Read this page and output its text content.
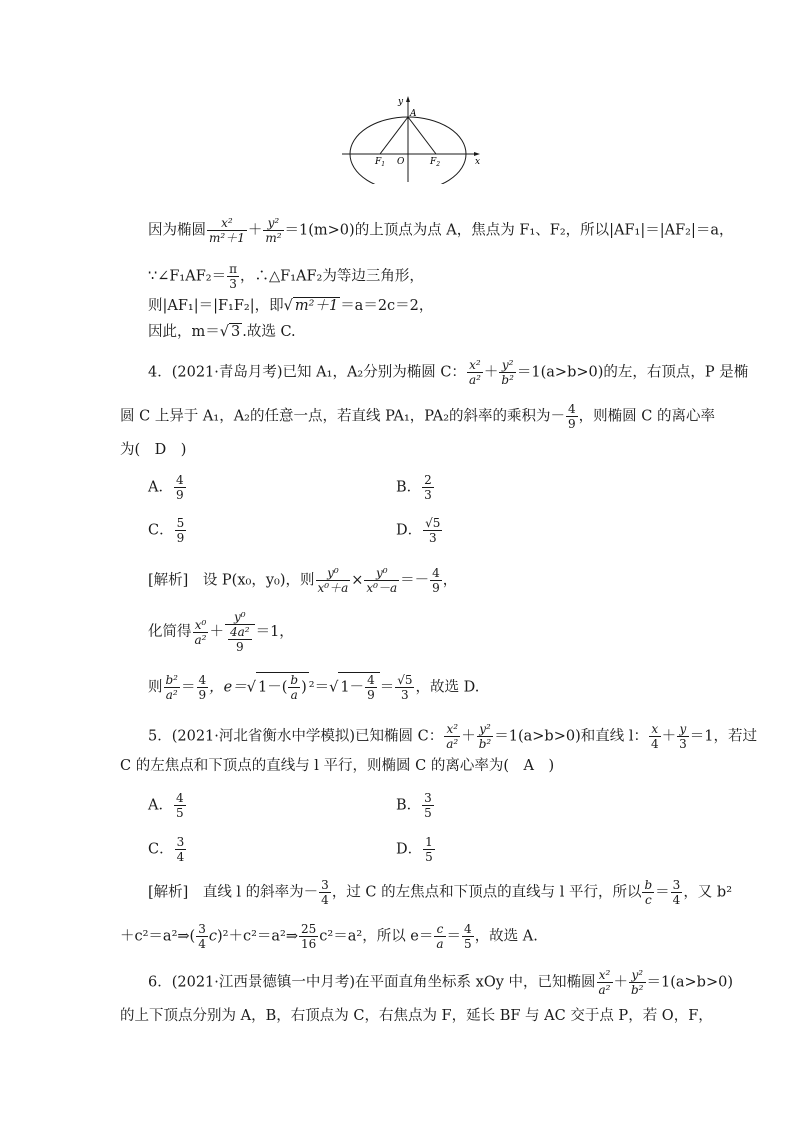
y
A
O	x
$F_1$	$F_2$
因为椭圆 $\frac{\text{x²}}{\text{m²＋1}} + \frac{\text{y²}}{\text{m²}} =1(m>0)$的上顶点为点 A，焦点为 F₁、F₂，所以|AF₁|＝|AF₂|＝a，
∵∠F₁AF₂＝ $\frac{\pi}{3}$ ，∴△F₁AF₂为等边三角形，
则|AF₁|＝|F₁F₂|，即√ m²＋1 ＝a＝2c＝2，
因此，m＝√ 3 .故选 C.
4．(2021·青岛月考)已知 A₁，A₂分别为椭圆 C： $\frac{\text{x²}}{\text{a²}} + \frac{\text{y²}}{\text{b²}} =1(a>b>0)$的左，右顶点，P 是椭
圆 C 上异于 A₁，A₂的任意一点，若直线 PA₁，PA₂的斜率的乘积为－ $\frac{4}{9}$ ，则椭圆 C 的离心率
为(　D　)
A． $\frac{4}{9}$	B． $\frac{2}{3}$
C． $\frac{5}{9}$	D． $\frac{√5}{3}$
[解析]　设 P(x₀，y₀)，则 $\frac{\text{y⁰}}{\text{x⁰＋a}} \times \frac{\text{y⁰}}{\text{x⁰－a}} =- \frac{4}{9}$ ，
化简得 $\frac{\text{x⁰}}{\text{a²}} + \frac{\text{y⁰}}{\frac{\text{4a²}}{9}} =1$，
则 $\frac{\text{b²}}{\text{a²}} = \frac{4}{9}$ ，e＝√ $1-( \frac{b}{a}$ ) ²＝√ $1- \frac{4}{9} = \frac{√5}{3}$ ，故选 D.
5．(2021·河北省衡水中学模拟)已知椭圆 C： $\frac{\text{x²}}{\text{a²}} + \frac{\text{y²}}{\text{b²}} =1(a>b>0)$和直线 l： $\frac{x}{4} + \frac{y}{3} =1$，若过
C 的左焦点和下顶点的直线与 l 平行，则椭圆 C 的离心率为(　A　)
A． $\frac{4}{5}$	B． $\frac{3}{5}$
C． $\frac{3}{4}$	D． $\frac{1}{5}$
[解析]　直线 l 的斜率为－ $\frac{3}{4}$ ，过 C 的左焦点和下顶点的直线与 l 平行，所以 $\frac{b}{c} = \frac{3}{4}$ ，又 b²
＋c²＝a²⇒( $\frac{3}{4}$ c)²＋c²＝a²⇒ $\frac{25}{16} c^2=a^2$，所以 $e= \frac{c}{a} = \frac{4}{5}$ ，故选 A.
6．(2021·江西景德镇一中月考)在平面直角坐标系 xOy 中，已知椭圆 $\frac{\text{x²}}{\text{a²}} + \frac{\text{y²}}{\text{b²}} =1(a>b>0)$
的上下顶点分别为 A，B，右顶点为 C，右焦点为 F，延长 BF 与 AC 交于点 P，若 O，F，
